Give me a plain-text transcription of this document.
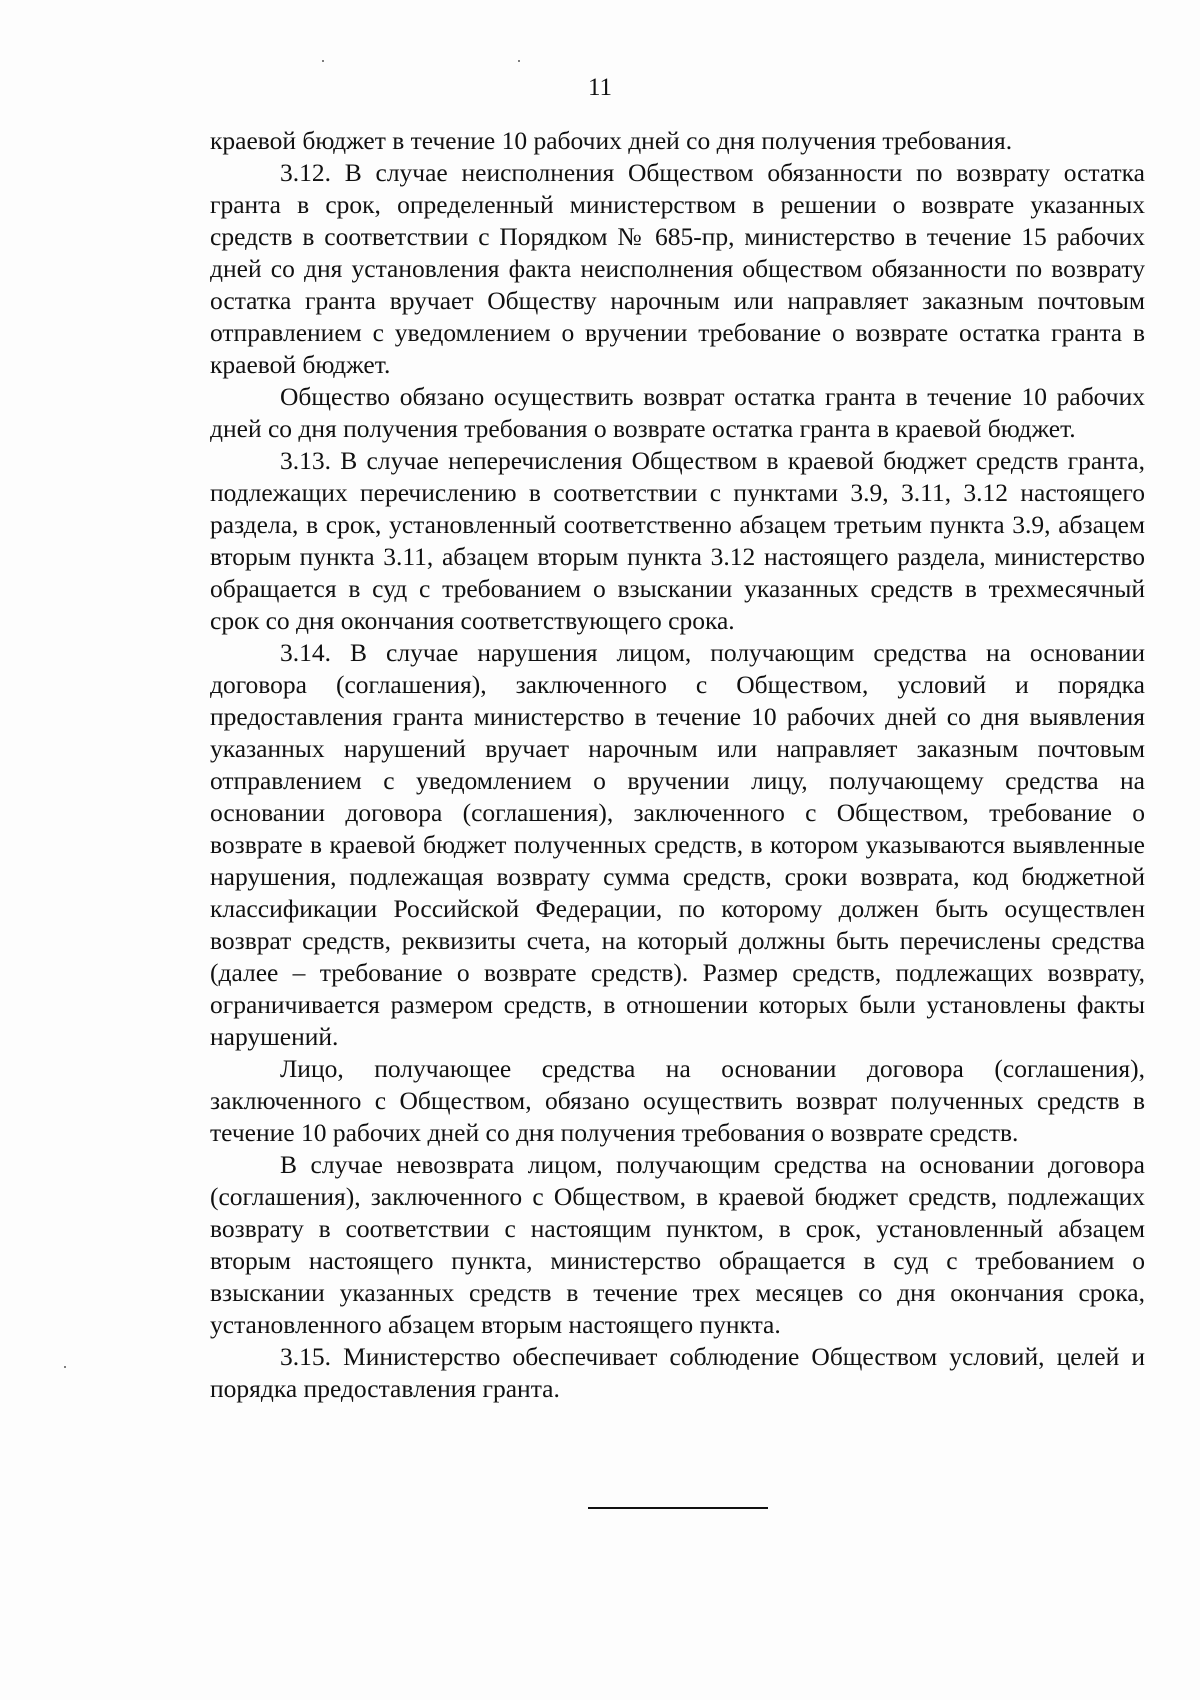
11

краевой бюджет в течение 10 рабочих дней со дня получения требования.

3.12. В случае неисполнения Обществом обязанности по возврату остатка гранта в срок, определенный министерством в решении о возврате указанных средств в соответствии с Порядком № 685-пр, министерство в течение 15 рабочих дней со дня установления факта неисполнения обществом обязанности по возврату остатка гранта вручает Обществу нарочным или направляет заказным почтовым отправлением с уведомлением о вручении требование о возврате остатка гранта в краевой бюджет.

Общество обязано осуществить возврат остатка гранта в течение 10 рабочих дней со дня получения требования о возврате остатка гранта в краевой бюджет.

3.13. В случае неперечисления Обществом в краевой бюджет средств гранта, подлежащих перечислению в соответствии с пунктами 3.9, 3.11, 3.12 настоящего раздела, в срок, установленный соответственно абзацем третьим пункта 3.9, абзацем вторым пункта 3.11, абзацем вторым пункта 3.12 настоящего раздела, министерство обращается в суд с требованием о взыскании указанных средств в трехмесячный срок со дня окончания соответствующего срока.

3.14. В случае нарушения лицом, получающим средства на основании договора (соглашения), заключенного с Обществом, условий и порядка предоставления гранта министерство в течение 10 рабочих дней со дня выявления указанных нарушений вручает нарочным или направляет заказным почтовым отправлением с уведомлением о вручении лицу, получающему средства на основании договора (соглашения), заключенного с Обществом, требование о возврате в краевой бюджет полученных средств, в котором указываются выявленные нарушения, подлежащая возврату сумма средств, сроки возврата, код бюджетной классификации Российской Федерации, по которому должен быть осуществлен возврат средств, реквизиты счета, на который должны быть перечислены средства (далее – требование о возврате средств). Размер средств, подлежащих возврату, ограничивается размером средств, в отношении которых были установлены факты нарушений.

Лицо, получающее средства на основании договора (соглашения), заключенного с Обществом, обязано осуществить возврат полученных средств в течение 10 рабочих дней со дня получения требования о возврате средств.

В случае невозврата лицом, получающим средства на основании договора (соглашения), заключенного с Обществом, в краевой бюджет средств, подлежащих возврату в соответствии с настоящим пунктом, в срок, установленный абзацем вторым настоящего пункта, министерство обращается в суд с требованием о взыскании указанных средств в течение трех месяцев со дня окончания срока, установленного абзацем вторым настоящего пункта.

3.15. Министерство обеспечивает соблюдение Обществом условий, целей и порядка предоставления гранта.
